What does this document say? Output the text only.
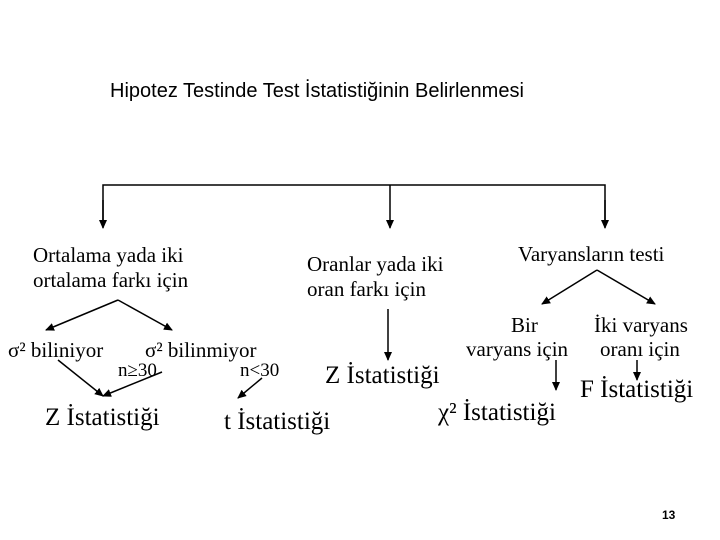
Hipotez Testinde Test İstatistiğinin Belirlenmesi
Ortalama yada iki
ortalama farkı için
σ² biliniyor σ² bilinmiyor
n≥30	n<30
Z İstatistiği	t İstatistiği
Oranlar yada iki
oran farkı için
Z İstatistiği
Varyansların testi
Bir
varyans için
İki varyans
oranı için
χ² İstatistiği
F İstatistiği
13
